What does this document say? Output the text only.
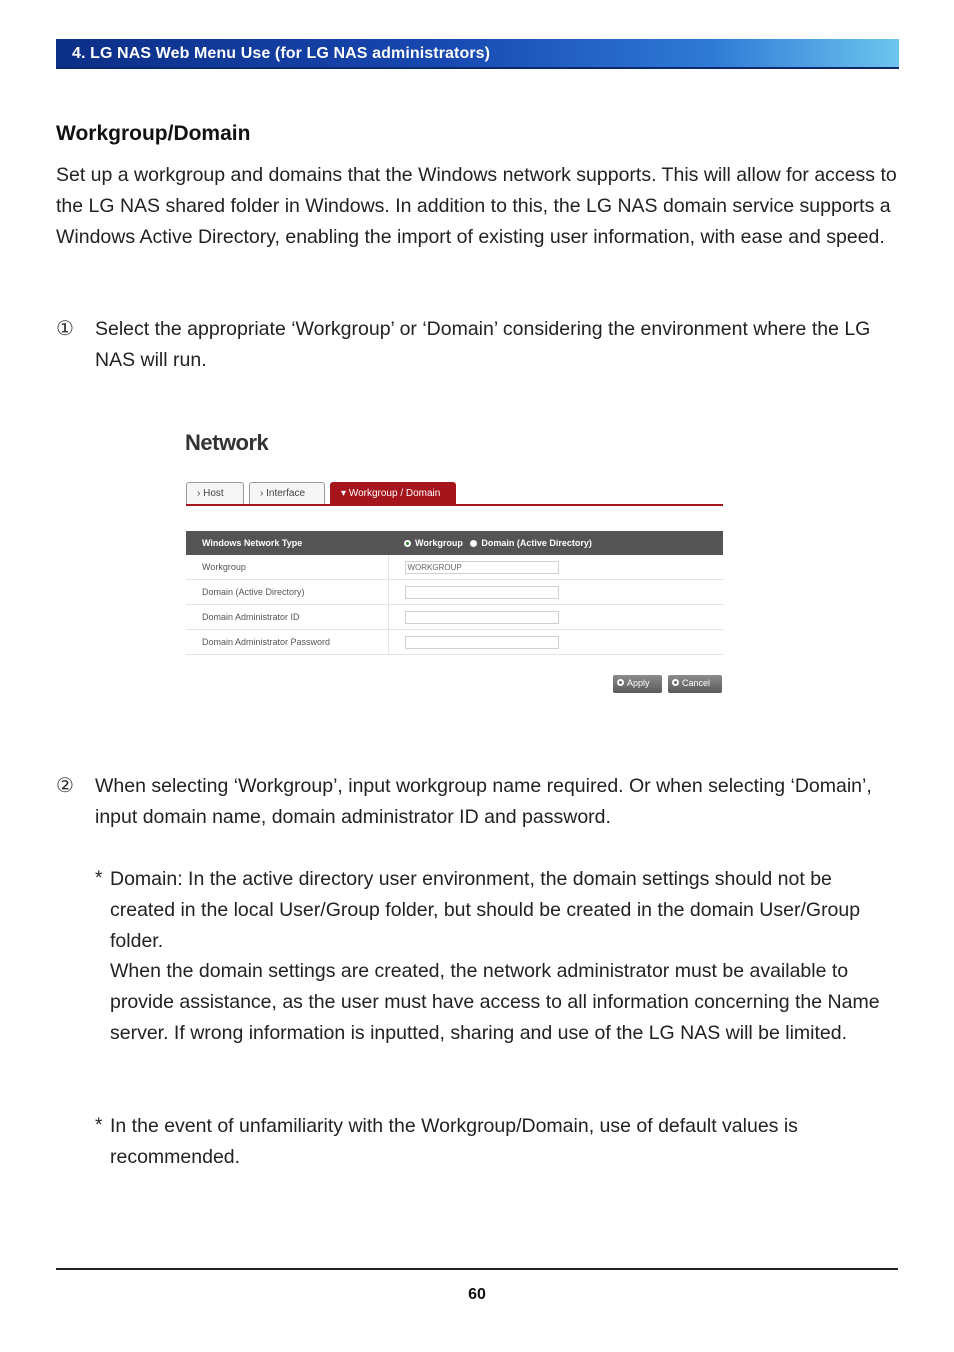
4. LG NAS Web Menu Use (for LG NAS administrators)
Workgroup/Domain

Set up a workgroup and domains that the Windows network supports. This will allow for access to the LG NAS shared folder in Windows. In addition to this, the LG NAS domain service supports a Windows Active Directory, enabling the import of existing user information, with ease and speed.

① Select the appropriate ‘Workgroup’ or ‘Domain’ considering the environment where the LG NAS will run.

Network
› Host	› Interface	▾ Workgroup / Domain
Windows Network Type	Workgroup Domain (Active Directory)
Workgroup	WORKGROUP
Domain (Active Directory)	
Domain Administrator ID	
Domain Administrator Password	
Apply	Cancel
② When selecting ‘Workgroup’, input workgroup name required. Or when selecting ‘Domain’, input domain name, domain administrator ID and password.

* Domain: In the active directory user environment, the domain settings should not be created in the local User/Group folder, but should be created in the domain User/Group folder.

When the domain settings are created, the network administrator must be available to provide assistance, as the user must have access to all information concerning the Name server. If wrong information is inputted, sharing and use of the LG NAS will be limited.

* In the event of unfamiliarity with the Workgroup/Domain, use of default values is recommended.

60
